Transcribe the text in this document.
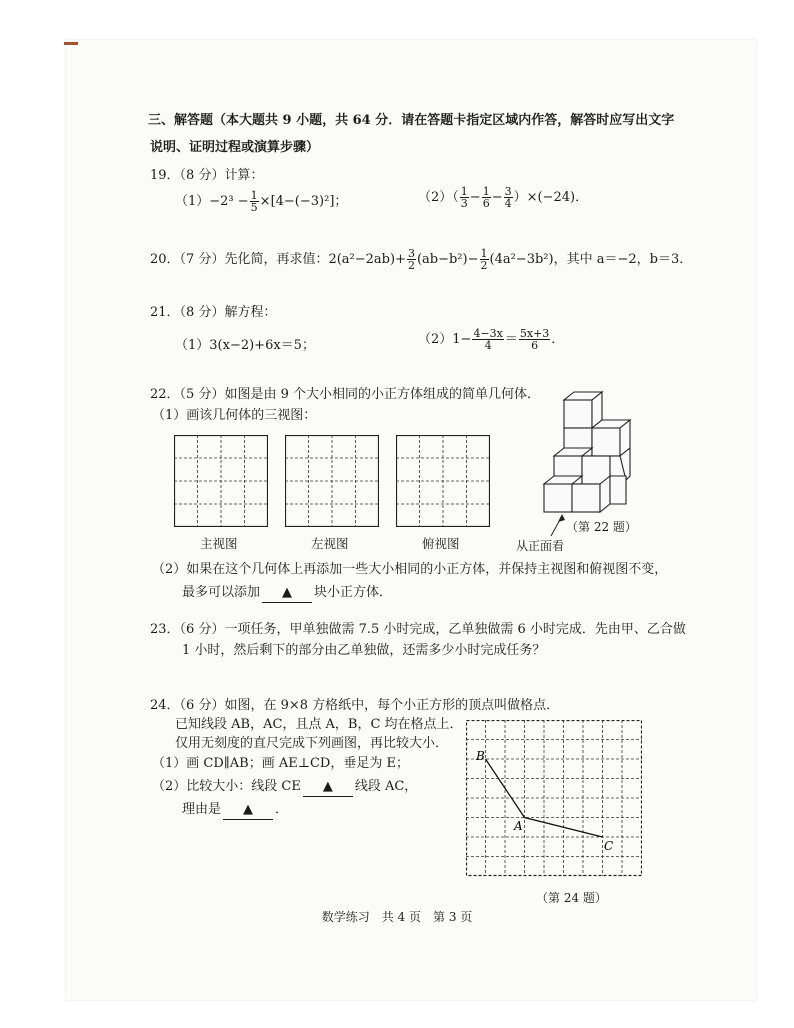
三、解答题（本大题共 9 小题，共 64 分．请在答题卡指定区域内作答，解答时应写出文字
说明、证明过程或演算步骤）
19．（8 分）计算：
$(1)-2^3 - \frac{1}{5} \times[4-(-3)^2]$；	$(2)( \frac{1}{3} - \frac{1}{6} - \frac{3}{4} )\times(-24)$．
20．（7 分）先化简，再求值：$2(a^2-2ab)+ \frac{3}{2} (ab-b^2)- \frac{1}{2} (4a^2-3b^2)$，其中 a＝−2，b＝3．
21．（8 分）解方程：
（1）3(x−2)+6x＝5；	$(2)1- \frac{4-3x}{4} = \frac{5x+3}{6}$ ．
22．（5 分）如图是由 9 个大小相同的小正方体组成的简单几何体．
（1）画该几何体的三视图：
主视图	左视图	俯视图
（第 22 题）
从正面看
（2）如果在这个几何体上再添加一些大小相同的小正方体，并保持主视图和俯视图不变，
最多可以添加 ▲ 块小正方体．
23．（6 分）一项任务，甲单独做需 7.5 小时完成，乙单独做需 6 小时完成．先由甲、乙合做
1 小时，然后剩下的部分由乙单独做，还需多少小时完成任务？
24．（6 分）如图，在 9×8 方格纸中，每个小正方形的顶点叫做格点．
已知线段 AB，AC，且点 A，B，C 均在格点上．
仅用无刻度的直尺完成下列画图，再比较大小．
（1）画 CD∥AB；画 AE⊥CD，垂足为 E；
（2）比较大小：线段 CE ▲ 线段 AC，
理由是 ▲ ．
B
A
C
（第 24 题）
数学练习　共 4 页　第 3 页
